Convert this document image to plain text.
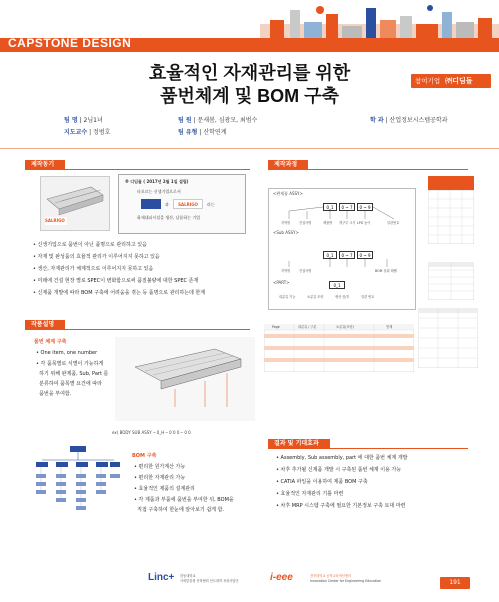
CAPSTONE DESIGN
효율적인 자재관리를 위한
품번체계 및 BOM 구축
참여기업 ㈜디딤돌
팀 명 | 2님1녀
지도교수 | 정범호
팀 원 | 문새봄, 심광모, 최범수
팀 유형 | 산학연계
학 과 | 산업정보시스템공학과
제작동기
SALRIGO
※ 디딤돌 ( 2017년 2월 1일 설립)
타오르는 신생기업으로서
과	SALRIGO	라는
화재대피시설을 생산, 납품하는 기업
• 신생기업으로 품번이 아닌 품명으로 관리하고 있음
• 자재 및 완성품의 효율적 관리가 이루어지지 못하고 있음
• 생산, 자재관리가 체계적으로 이루어지지 못하고 있음
• 미래에 건설 현장 별로 SPEC이 변화함으로써 품질불량에 대한 SPEC 존재
• 신제품 개발에 따라 BOM 구축에 어려움을 겪는 등 품명으로 관리하는데 한계
제작과정
<완제품 ASSY>
0_1	0 ~ 7	0 ~ 9
지역명	건설사명	제품명 개구부 크기 LPG 높이	일련번호
<Sub ASSY>
0_1	0 ~ 7	0 ~ 9
지역명	건설사명	BOM 상위 레벨
<PART>
0_1
대분류 기능	소분류 모양	생산 전/후	일련 번호
Page	대분류 / 구분	소분류(모양)	현재
작품설명
품번 체계 구축
• One item, one number
• 각 품목별로 식별이 가능하게
하기 위해 완제품, Sub, Part 를
분류하여 품목별 요건에 따라
품번을 부여함.
ex) BODY SUB ASSY ─ 0_H ─ 0 0 0 ─ 0 0
BOM 구축
• 편리한 원가계산 가능
• 편리한 자재관리 가능
• 효율적인 제품의 설계관리
• 각 제품과 부품에 품번을 부여한 뒤, BOM을
직접 구축하여 한눈에 알아보기 쉽게 함.
결과 및 기대효과
• Assembly, Sub assembly, part 에 대한 품번 체계 개발
• 차후 추가될 신제품 개발 시 구축된 품번 체계 이용 가능
• CATIA 파일을 이용하여 제품 BOM 구축
• 효율적인 자재관리 기틀 마련
• 차후 MRP 시스템 구축에 필요한 기본정보 구축 토대 마련
Linc+ 한동대학교
사회맞춤형 산학협력 선도대학 육성사업단	i-eee	전북대학교 공학교육혁신센터
Innovation Center for Engineering Education	191
